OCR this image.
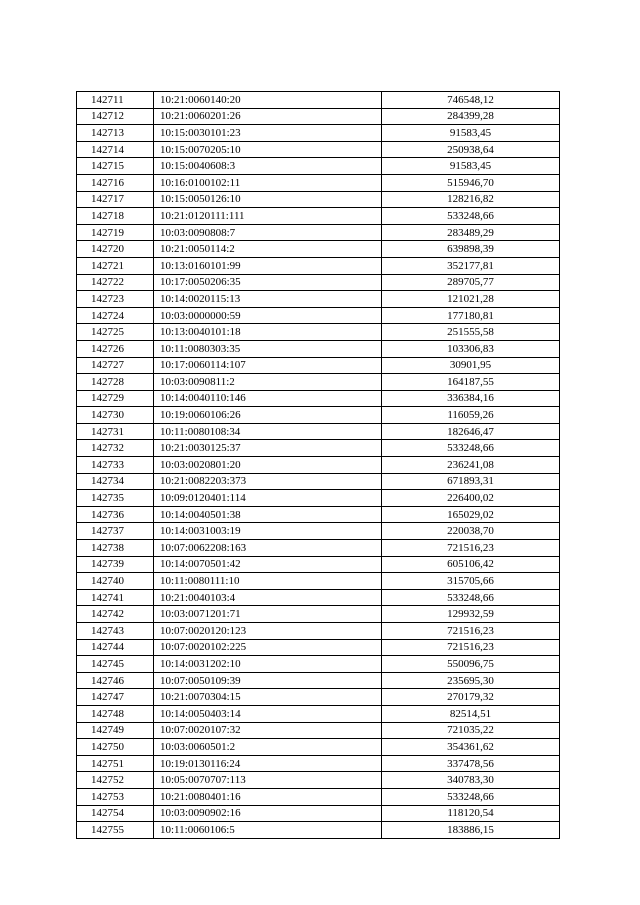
142711	10:21:0060140:20	746548,12
142712	10:21:0060201:26	284399,28
142713	10:15:0030101:23	91583,45
142714	10:15:0070205:10	250938,64
142715	10:15:0040608:3	91583,45
142716	10:16:0100102:11	515946,70
142717	10:15:0050126:10	128216,82
142718	10:21:0120111:111	533248,66
142719	10:03:0090808:7	283489,29
142720	10:21:0050114:2	639898,39
142721	10:13:0160101:99	352177,81
142722	10:17:0050206:35	289705,77
142723	10:14:0020115:13	121021,28
142724	10:03:0000000:59	177180,81
142725	10:13:0040101:18	251555,58
142726	10:11:0080303:35	103306,83
142727	10:17:0060114:107	30901,95
142728	10:03:0090811:2	164187,55
142729	10:14:0040110:146	336384,16
142730	10:19:0060106:26	116059,26
142731	10:11:0080108:34	182646,47
142732	10:21:0030125:37	533248,66
142733	10:03:0020801:20	236241,08
142734	10:21:0082203:373	671893,31
142735	10:09:0120401:114	226400,02
142736	10:14:0040501:38	165029,02
142737	10:14:0031003:19	220038,70
142738	10:07:0062208:163	721516,23
142739	10:14:0070501:42	605106,42
142740	10:11:0080111:10	315705,66
142741	10:21:0040103:4	533248,66
142742	10:03:0071201:71	129932,59
142743	10:07:0020120:123	721516,23
142744	10:07:0020102:225	721516,23
142745	10:14:0031202:10	550096,75
142746	10:07:0050109:39	235695,30
142747	10:21:0070304:15	270179,32
142748	10:14:0050403:14	82514,51
142749	10:07:0020107:32	721035,22
142750	10:03:0060501:2	354361,62
142751	10:19:0130116:24	337478,56
142752	10:05:0070707:113	340783,30
142753	10:21:0080401:16	533248,66
142754	10:03:0090902:16	118120,54
142755	10:11:0060106:5	183886,15
